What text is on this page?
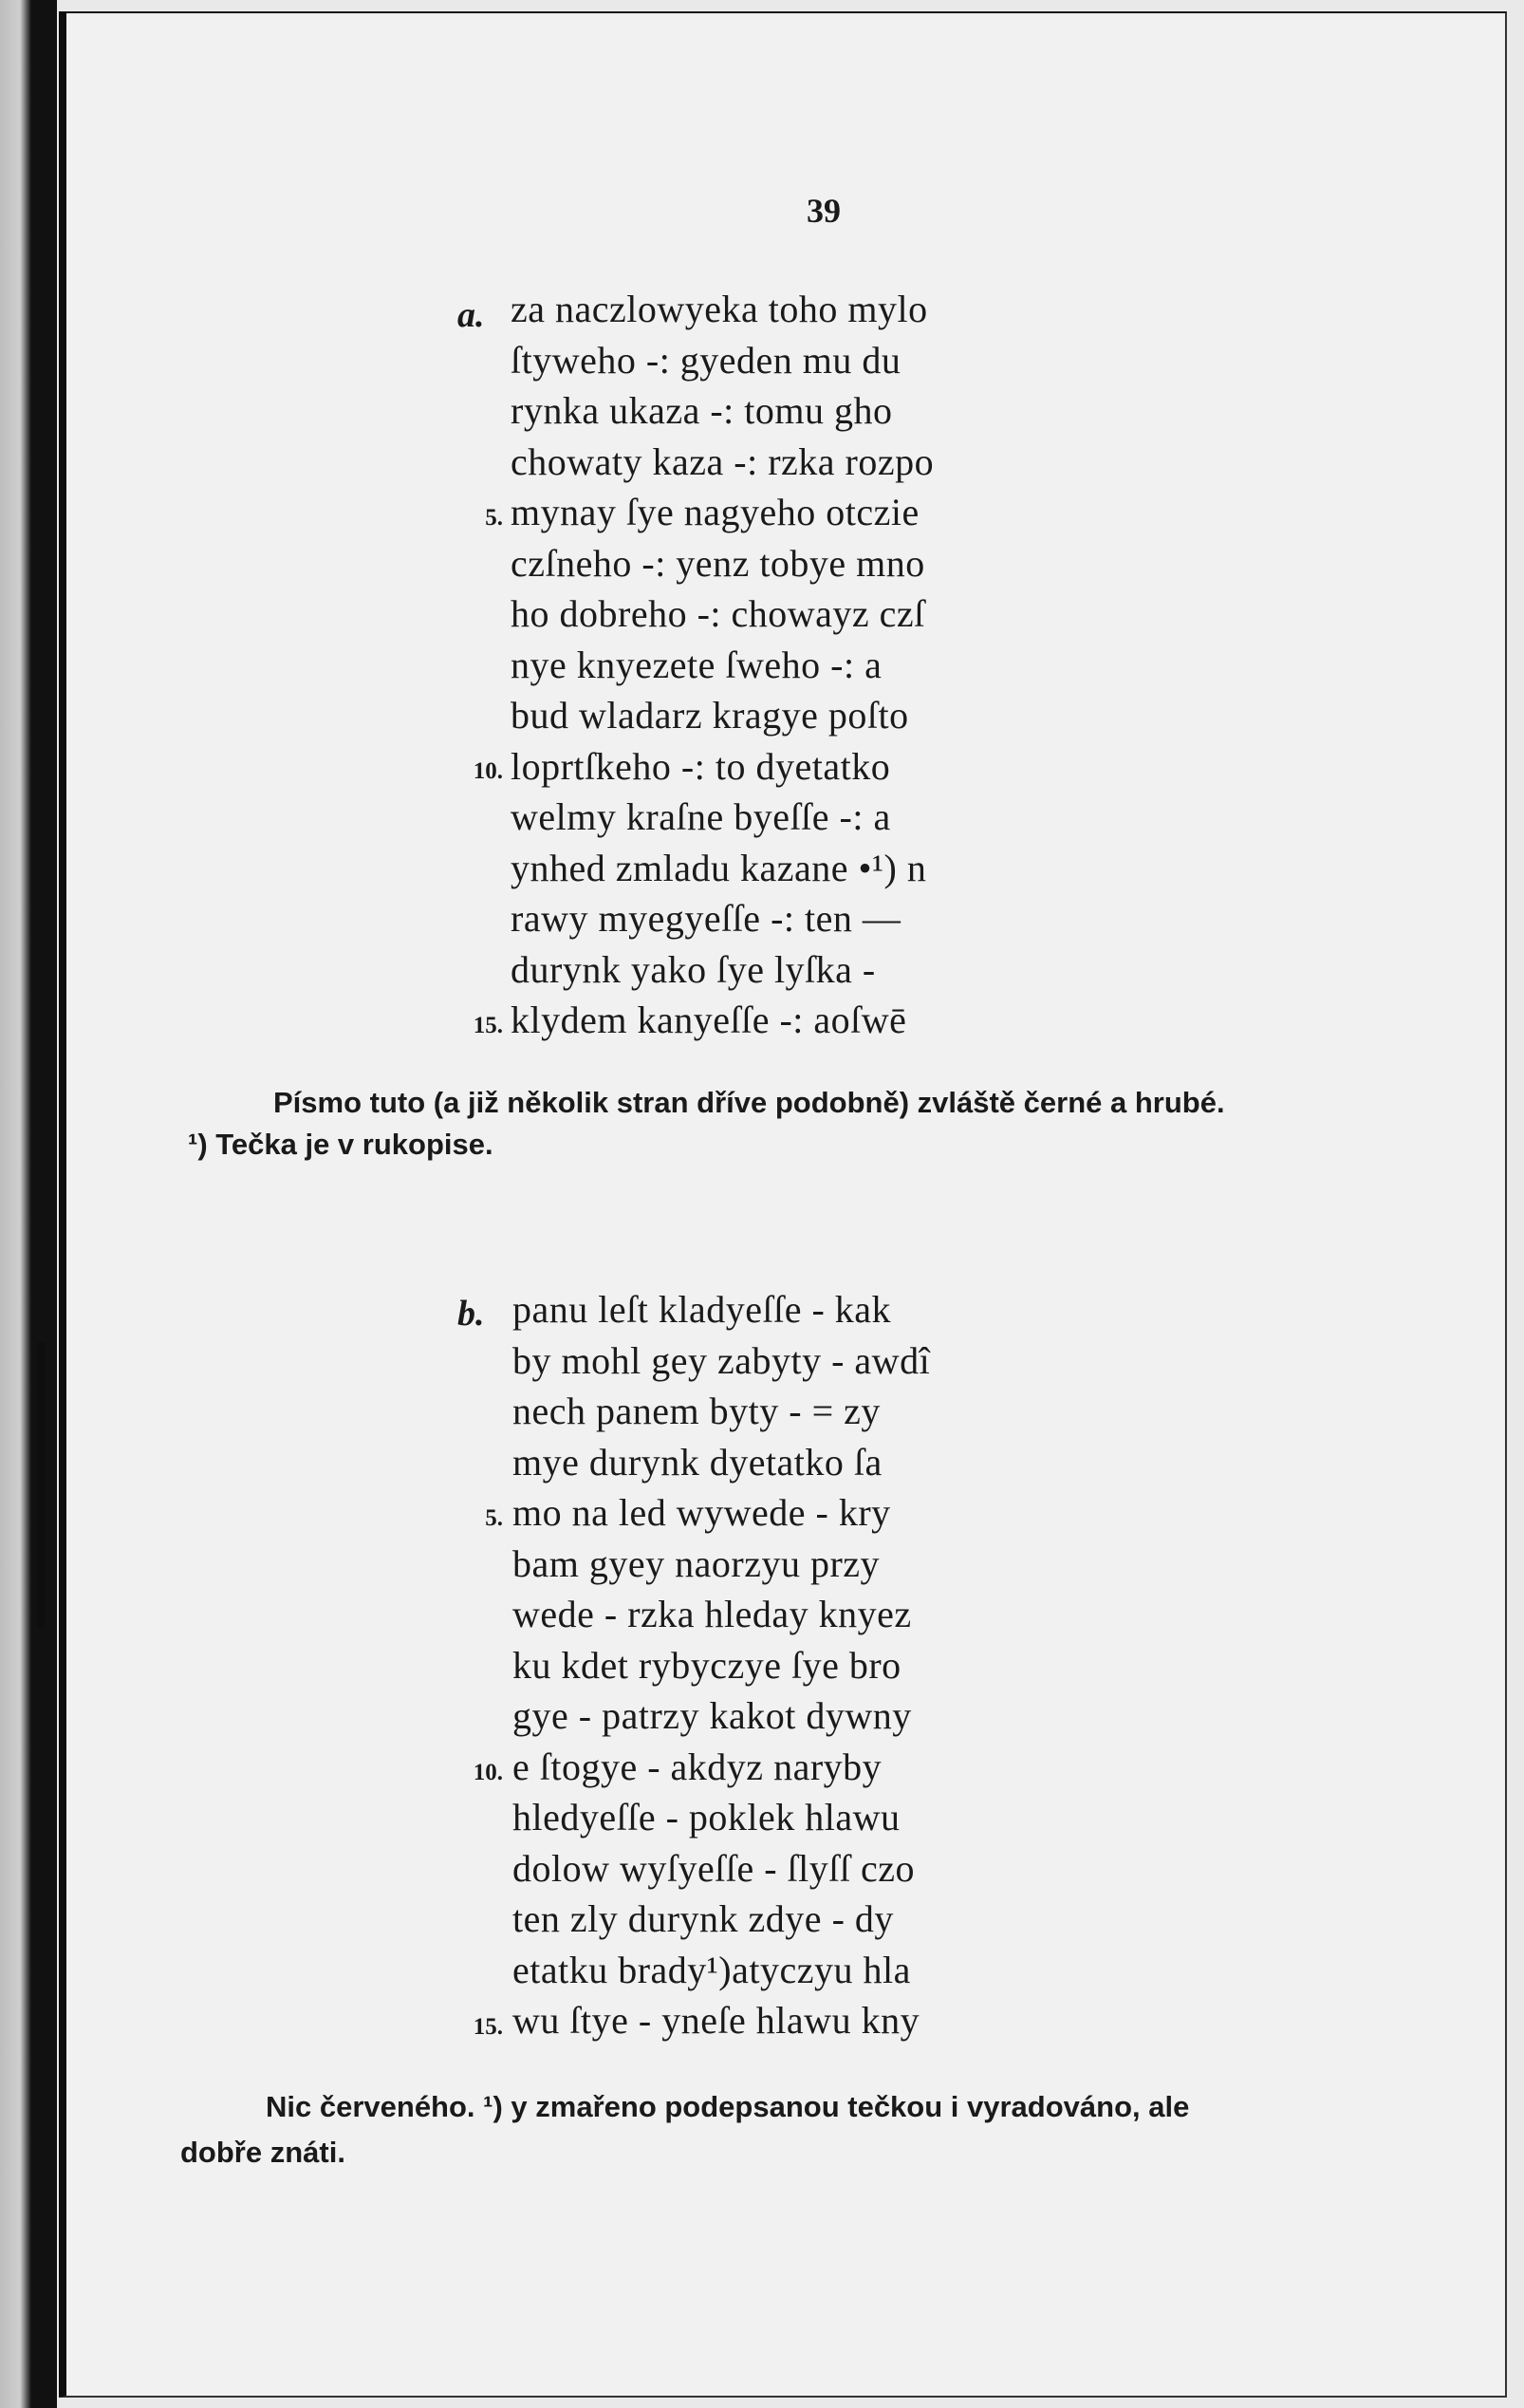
39
a. za naczlowyeka toho mylo
ſtyweho -: gyeden mu du
rynka ukaza -: tomu gho
chowaty kaza -: rzka rozpo
mynay ſye nagyeho otczie
czſneho -: yenz tobye mno
ho dobreho -: chowayz czſ
nye knyezete ſweho -: a
bud wladarz kragye poſto
loprtſkeho -: to dyetatko
welmy kraſne byeſſe -: a
ynhed zmladu kazane •¹) n
rawy myegyeſſe -: ten —
durynk yako ſye lyſka -
klydem kanyeſſe -: aoſwē
5.
10.
15.
Písmo tuto (a již několik stran dříve podobně) zvláště černé a hrubé.
¹) Tečka je v rukopise.
b. panu leſt kladyeſſe - kak
by mohl gey zabyty - awdî
nech panem byty - = zy
mye durynk dyetatko ſa
mo na led wywede - kry
bam gyey naorzyu przy
wede - rzka hleday knyez
ku kdet rybyczye ſye bro
gye - patrzy kakot dywny
e ſtogye - akdyz naryby
hledyeſſe - poklek hlawu
dolow wyſyeſſe - ſlyſſ czo
ten zly durynk zdye - dy
etatku brady¹)atyczyu hla
wu ſtye - yneſe hlawu kny
5.
10.
15.
Nic červeného. ¹) y zmařeno podepsanou tečkou i vyradováno, ale
dobře znáti.
